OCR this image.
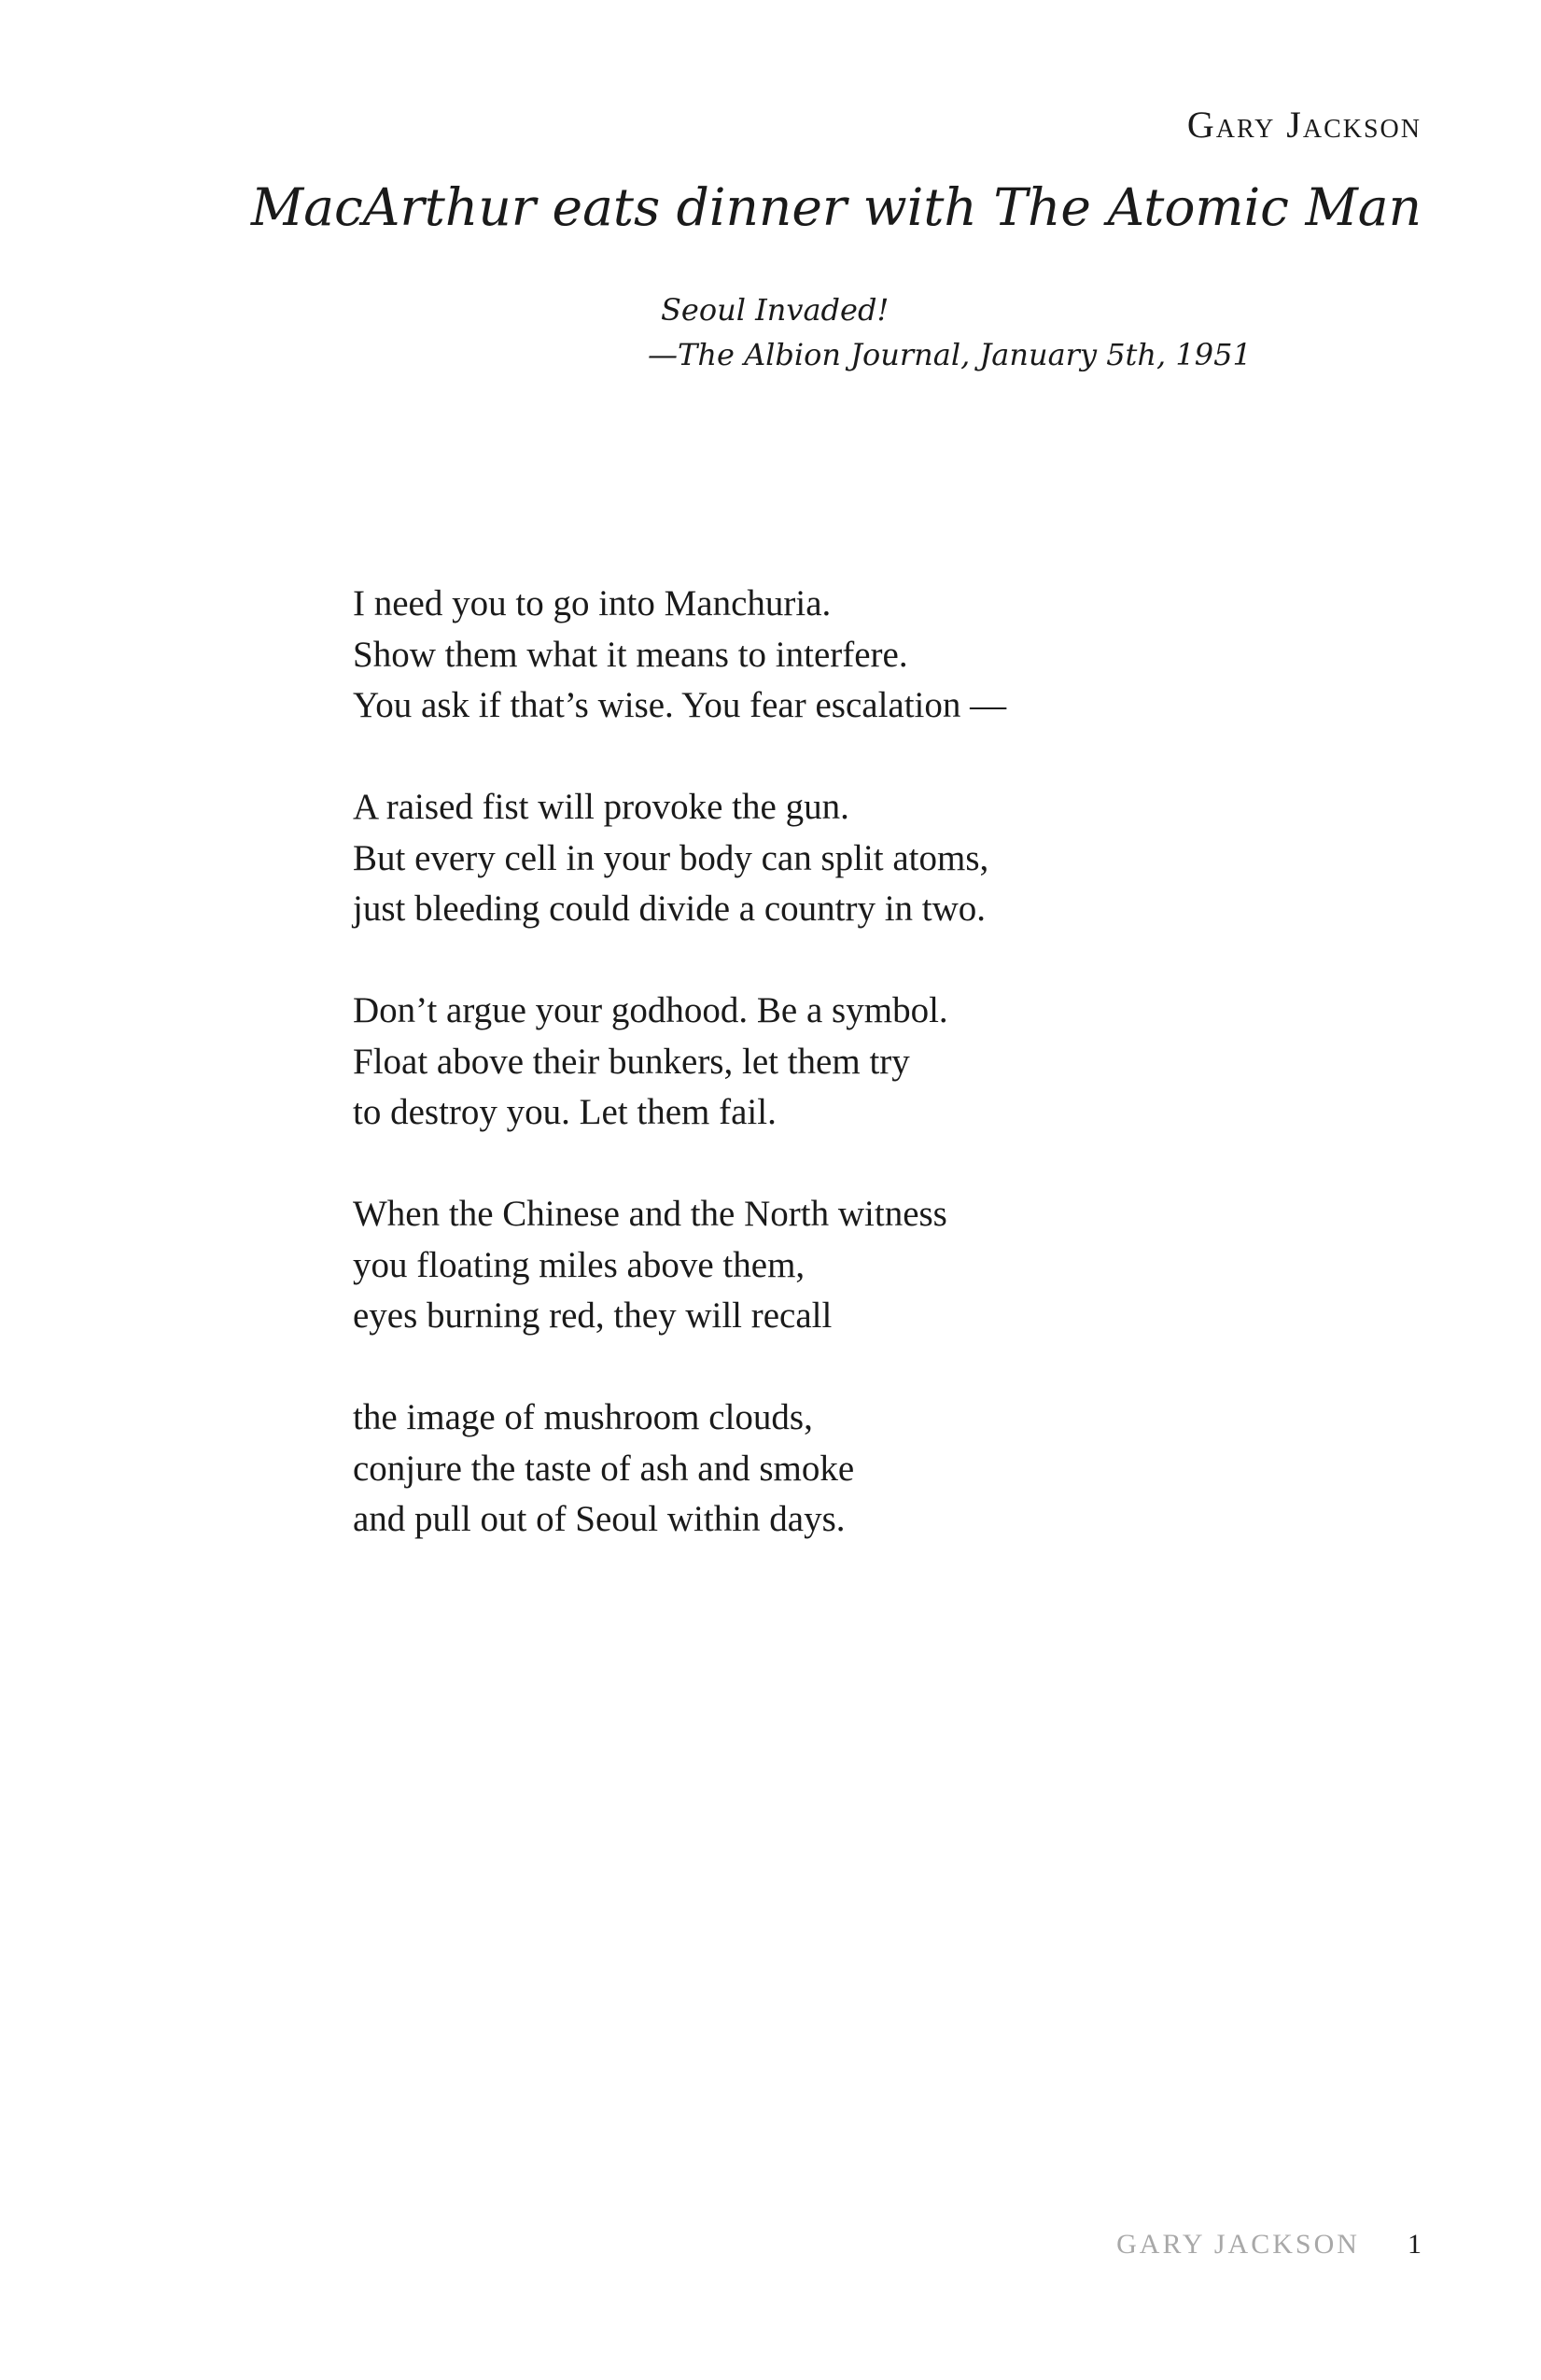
Gary Jackson
MacArthur eats dinner with The Atomic Man
Seoul Invaded!
—The Albion Journal, January 5th, 1951
I need you to go into Manchuria.
Show them what it means to interfere.
You ask if that’s wise. You fear escalation —
A raised fist will provoke the gun.
But every cell in your body can split atoms,
just bleeding could divide a country in two.
Don’t argue your godhood. Be a symbol.
Float above their bunkers, let them try
to destroy you. Let them fail.
When the Chinese and the North witness
you floating miles above them,
eyes burning red, they will recall
the image of mushroom clouds,
conjure the taste of ash and smoke
and pull out of Seoul within days.
GARY JACKSON 1
